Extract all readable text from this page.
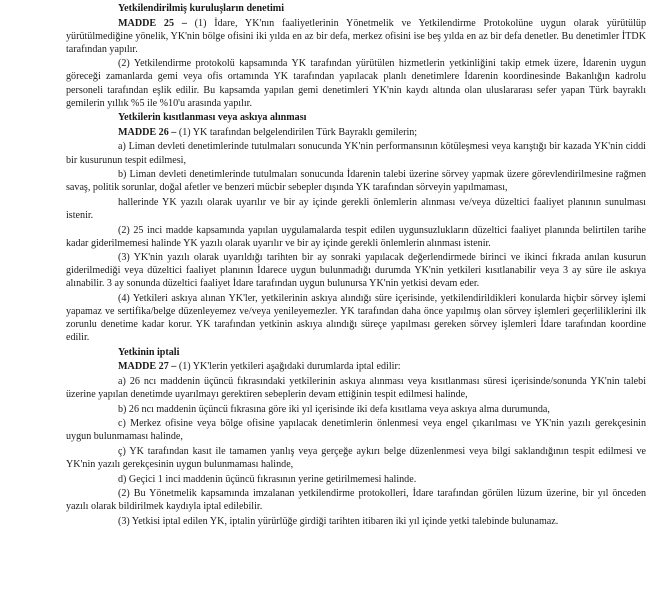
Yetkilendirilmiş kuruluşların denetimi
MADDE 25 – (1) İdare, YK'nın faaliyetlerinin Yönetmelik ve Yetkilendirme Protokolüne uygun olarak yürütülüp yürütülmediğine yönelik, YK'nin bölge ofisini iki yılda en az bir defa, merkez ofisini ise beş yılda en az bir defa denetler. Bu denetimler İTDK tarafından yapılır.
(2) Yetkilendirme protokolü kapsamında YK tarafından yürütülen hizmetlerin yetkinliğini takip etmek üzere, İdarenin uygun göreceği zamanlarda gemi veya ofis ortamında YK tarafından yapılacak planlı denetimlere İdarenin koordinesinde Bakanlığın kadrolu personeli tarafından eşlik edilir. Bu kapsamda yapılan gemi denetimleri YK'nin kaydı altında olan uluslararası sefer yapan Türk bayraklı gemilerin yıllık %5 ile %10'u arasında yapılır.
Yetkilerin kısıtlanması veya askıya alınması
MADDE 26 – (1) YK tarafından belgelendirilen Türk Bayraklı gemilerin;
a) Liman devleti denetimlerinde tutulmaları sonucunda YK'nin performansının kötüleşmesi veya karıştığı bir kazada YK'nin ciddi bir kusurunun tespit edilmesi,
b) Liman devleti denetimlerinde tutulmaları sonucunda İdarenin talebi üzerine sörvey yapmak üzere görevlendirilmesine rağmen savaş, politik sorunlar, doğal afetler ve benzeri mücbir sebepler dışında YK tarafından sörveyin yapılmaması,
hallerinde YK yazılı olarak uyarılır ve bir ay içinde gerekli önlemlerin alınması ve/veya düzeltici faaliyet planının sunulması istenir.
(2) 25 inci madde kapsamında yapılan uygulamalarda tespit edilen uygunsuzlukların düzeltici faaliyet planında belirtilen tarihe kadar giderilmemesi halinde YK yazılı olarak uyarılır ve bir ay içinde gerekli önlemlerin alınması istenir.
(3) YK'nin yazılı olarak uyarıldığı tarihten bir ay sonraki yapılacak değerlendirmede birinci ve ikinci fıkrada anılan kusurun giderilmediği veya düzeltici faaliyet planının İdarece uygun bulunmadığı durumda YK'nin yetkileri kısıtlanabilir veya 3 ay süre ile askıya alınabilir. 3 ay sonunda düzeltici faaliyet İdare tarafından uygun bulunursa YK'nin yetkisi devam eder.
(4) Yetkileri askıya alınan YK'ler, yetkilerinin askıya alındığı süre içerisinde, yetkilendirildikleri konularda hiçbir sörvey işlemi yapamaz ve sertifika/belge düzenleyemez ve/veya yenileyemezler. YK tarafından daha önce yapılmış olan sörvey işlemleri geçerliliklerini ilk zorunlu denetime kadar korur. YK tarafından yetkinin askıya alındığı süreçe yapılması gereken sörvey işlemleri İdare tarafından koordine edilir.
Yetkinin iptali
MADDE 27 – (1) YK'lerin yetkileri aşağıdaki durumlarda iptal edilir:
a) 26 ncı maddenin üçüncü fıkrasındaki yetkilerinin askıya alınması veya kısıtlanması süresi içerisinde/sonunda YK'nin talebi üzerine yapılan denetimde uyarılmayı gerektiren sebeplerin devam ettiğinin tespit edilmesi halinde,
b) 26 ncı maddenin üçüncü fıkrasına göre iki yıl içerisinde iki defa kısıtlama veya askıya alma durumunda,
c) Merkez ofisine veya bölge ofisine yapılacak denetimlerin önlenmesi veya engel çıkarılması ve YK'nin yazılı gerekçesinin uygun bulunmaması halinde,
ç) YK tarafından kasıt ile tamamen yanlış veya gerçeğe aykırı belge düzenlenmesi veya bilgi saklandığının tespit edilmesi ve YK'nin yazılı gerekçesinin uygun bulunmaması halinde,
d) Geçici 1 inci maddenin üçüncü fıkrasının yerine getirilmemesi halinde.
(2) Bu Yönetmelik kapsamında imzalanan yetkilendirme protokolleri, İdare tarafından görülen lüzum üzerine, bir yıl önceden yazılı olarak bildirilmek kaydıyla iptal edilebilir.
(3) Yetkisi iptal edilen YK, iptalin yürürlüğe girdiği tarihten itibaren iki yıl içinde yetki talebinde bulunamaz.
